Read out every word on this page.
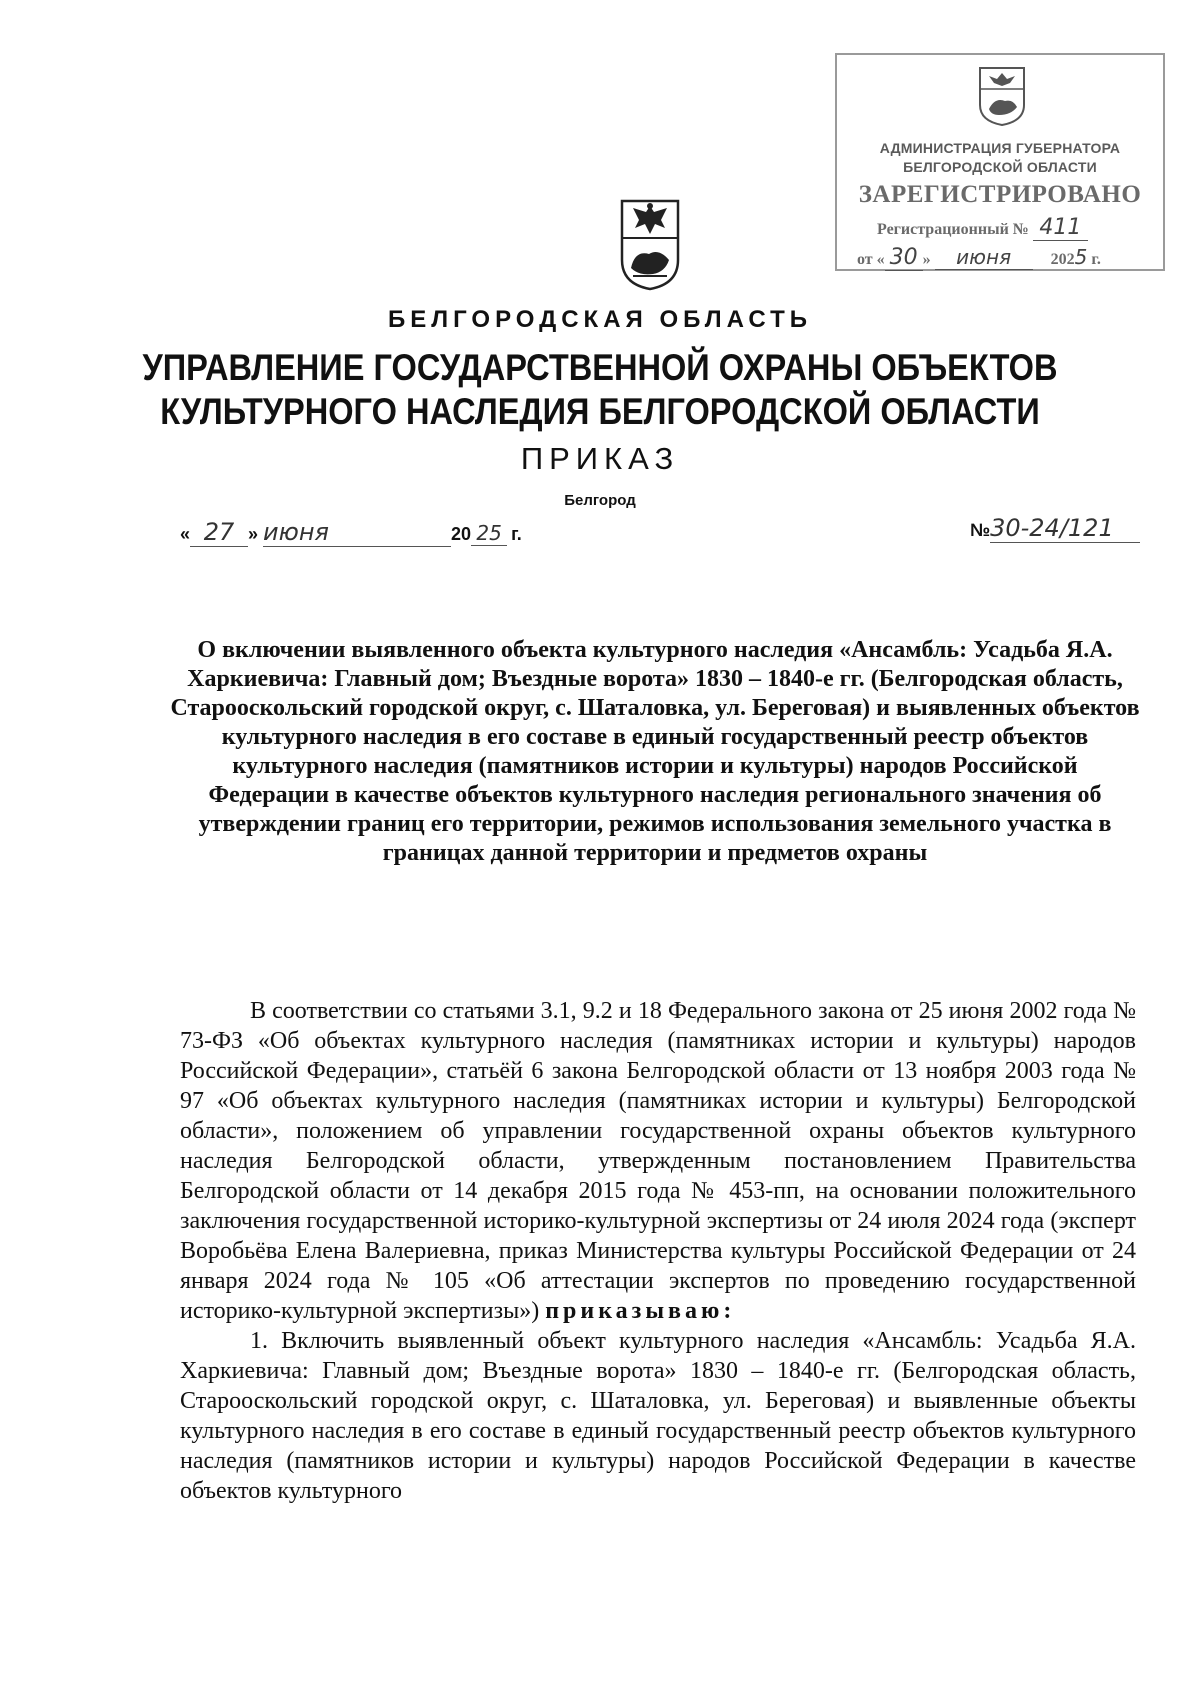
АДМИНИСТРАЦИЯ ГУБЕРНАТОРА
БЕЛГОРОДСКОЙ ОБЛАСТИ
ЗАРЕГИСТРИРОВАНО
Регистрационный № 411
от « 30 » июня 2025 г.
БЕЛГОРОДСКАЯ ОБЛАСТЬ
УПРАВЛЕНИЕ ГОСУДАРСТВЕННОЙ ОХРАНЫ ОБЪЕКТОВ
КУЛЬТУРНОГО НАСЛЕДИЯ БЕЛГОРОДСКОЙ ОБЛАСТИ
ПРИКАЗ
Белгород
« 27 » июня	20 25 г.	№30-24/121
О включении выявленного объекта культурного наследия «Ансамбль: Усадьба Я.А. Харкиевича: Главный дом; Въездные ворота» 1830 – 1840-е гг. (Белгородская область, Старооскольский городской округ, с. Шаталовка, ул. Береговая) и выявленных объектов культурного наследия в его составе в единый государственный реестр объектов культурного наследия (памятников истории и культуры) народов Российской Федерации в качестве объектов культурного наследия регионального значения об утверждении границ его территории, режимов использования земельного участка в границах данной территории и предметов охраны

В соответствии со статьями 3.1, 9.2 и 18 Федерального закона от 25 июня 2002 года № 73-ФЗ «Об объектах культурного наследия (памятниках истории и культуры) народов Российской Федерации», статьёй 6 закона Белгородской области от 13 ноября 2003 года № 97 «Об объектах культурного наследия (памятниках истории и культуры) Белгородской области», положением об управлении государственной охраны объектов культурного наследия Белгородской области, утвержденным постановлением Правительства Белгородской области от 14 декабря 2015 года № 453-пп, на основании положительного заключения государственной историко-культурной экспертизы от 24 июля 2024 года (эксперт Воробьёва Елена Валериевна, приказ Министерства культуры Российской Федерации от 24 января 2024 года № 105 «Об аттестации экспертов по проведению государственной историко-культурной экспертизы») приказываю:

1. Включить выявленный объект культурного наследия «Ансамбль: Усадьба Я.А. Харкиевича: Главный дом; Въездные ворота» 1830 – 1840-е гг. (Белгородская область, Старооскольский городской округ, с. Шаталовка, ул. Береговая) и выявленные объекты культурного наследия в его составе в единый государственный реестр объектов культурного наследия (памятников истории и культуры) народов Российской Федерации в качестве объектов культурного
